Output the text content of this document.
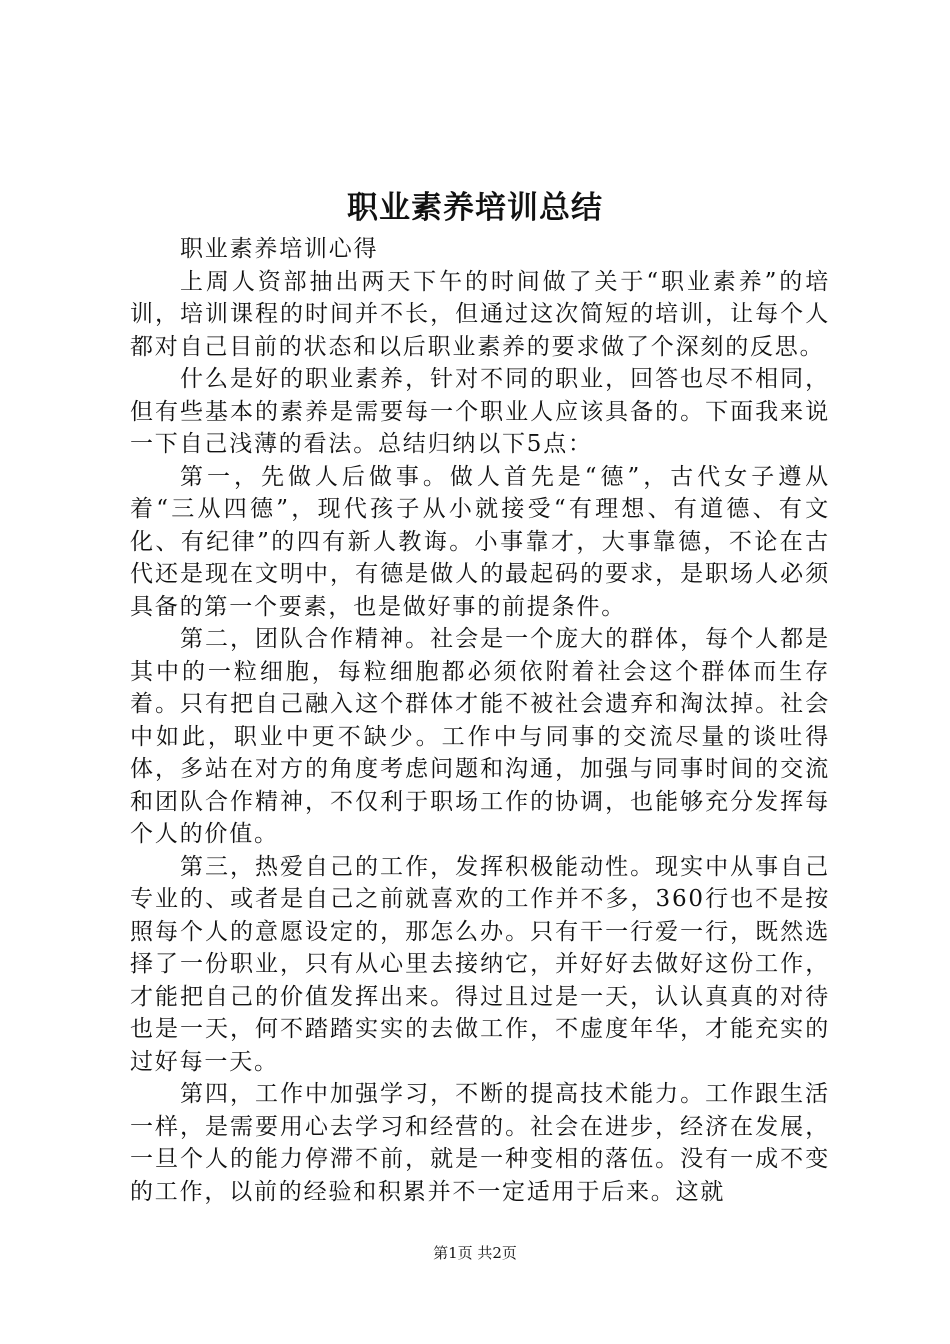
职业素养培训总结

职业素养培训心得

上周人资部抽出两天下午的时间做了关于“职业素养”的培训，培训课程的时间并不长，但通过这次简短的培训，让每个人都对自己目前的状态和以后职业素养的要求做了个深刻的反思。

什么是好的职业素养，针对不同的职业，回答也尽不相同，但有些基本的素养是需要每一个职业人应该具备的。下面我来说一下自己浅薄的看法。总结归纳以下5点：

第一，先做人后做事。做人首先是“德”，古代女子遵从着“三从四德”，现代孩子从小就接受“有理想、有道德、有文化、有纪律”的四有新人教诲。小事靠才，大事靠德，不论在古代还是现在文明中，有德是做人的最起码的要求，是职场人必须具备的第一个要素，也是做好事的前提条件。

第二，团队合作精神。社会是一个庞大的群体，每个人都是其中的一粒细胞，每粒细胞都必须依附着社会这个群体而生存着。只有把自己融入这个群体才能不被社会遗弃和淘汰掉。社会中如此，职业中更不缺少。工作中与同事的交流尽量的谈吐得体，多站在对方的角度考虑问题和沟通，加强与同事时间的交流和团队合作精神，不仅利于职场工作的协调，也能够充分发挥每个人的价值。

第三，热爱自己的工作，发挥积极能动性。现实中从事自己专业的、或者是自己之前就喜欢的工作并不多，360行也不是按照每个人的意愿设定的，那怎么办。只有干一行爱一行，既然选择了一份职业，只有从心里去接纳它，并好好去做好这份工作，才能把自己的价值发挥出来。得过且过是一天，认认真真的对待也是一天，何不踏踏实实的去做工作，不虚度年华，才能充实的过好每一天。

第四，工作中加强学习，不断的提高技术能力。工作跟生活一样，是需要用心去学习和经营的。社会在进步，经济在发展，一旦个人的能力停滞不前，就是一种变相的落伍。没有一成不变的工作，以前的经验和积累并不一定适用于后来。这就

第1页 共2页
